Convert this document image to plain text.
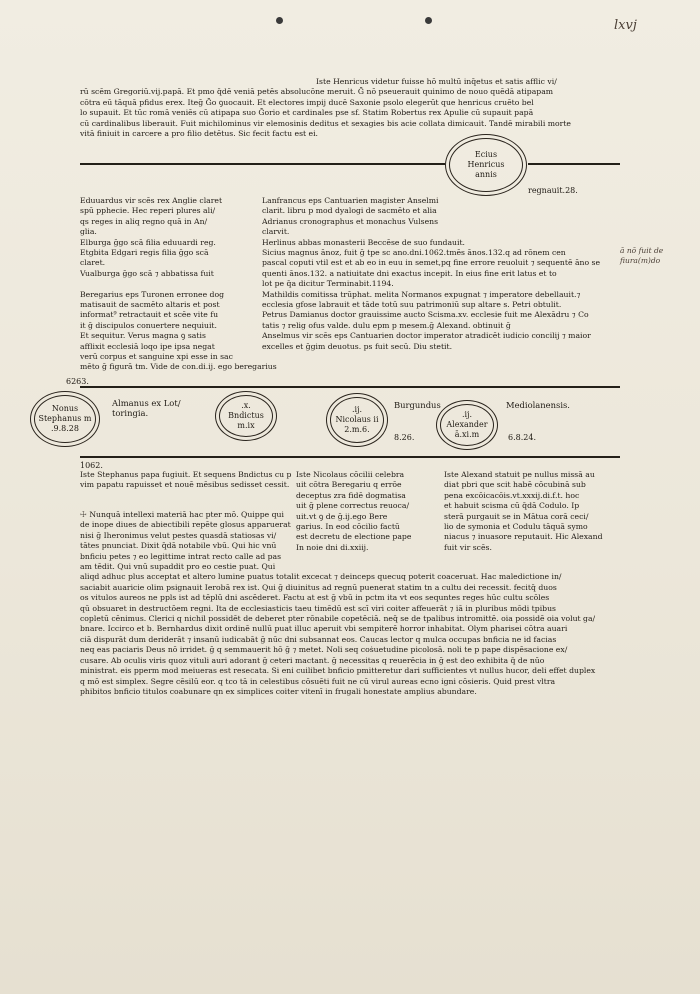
lxvj
ā nō fuit de
fiura(m)do
Iste Henricus videtur fuisse hō multū inq̄etus et satis afflic vi/
rū scēm Gregoriū.vij.papā. Et pmo q̄dē veniā petēs absolucōne meruit. Ḡ nō pseuerauit quinimo de nouo quēdā atipapam
cōtra eū tāquā pfidus erex. Iteḡ Ḡo ꝯuocauit. Et electores impij ducē Saxonie psolo elegerūt que henricus cruēto bel
lo supauit. Et tūc romā veniēs cū atipapa suo Ḡorio et cardinales pse sf. Statim Robertus rex Apulie cū supauit papā
cū cardinalibus liberauit. Fuit michilominus vir elemosinis deditus et sexagies bis acie collata dimicauit. Tandē mirabili morte
vitā finiuit in carcere a pro filio detētus. Sic fecit factu est ei.
Ecius
Henricus
annis
regnauit.28.
Eduuardus vir scēs rex Anglie claret
spū pphecie. Hec reperi plures ali/
qs reges in aliq regno quā in An/
glia.
Elburga ḡgo scā filia eduuardi reg.
Etgbita Edgari regis filia ḡgo scā
claret.
Vualburga ḡgo scā ⁊ abbatissa fuit
Beregarius eps Turonen erronee dog
matisauit de sacmēto altaris et post
informat⁹ retractauit et scēe vite fu
it ḡ discipulos conuertere nequiuit.
Et sequitur. Verus magna ꝯ satis
afflixit ecclesiā loqo ipe ipsa negat
verū corpus et sanguine xpi esse in sac
mēto ḡ figurā tm. Vide de con.di.ij. ego beregarius
Lanfrancus eps Cantuarien magister Anselmi
clarit. libru p mod dyalogi de sacmēto et alia
Adrianus cronographus et monachus Vulsens
clarvit.
Herlinus abbas monasterii Beccēse de suo fundauit.
Sicius magnus ānoz, fuit ḡ tpe sc ano.dni.1062.tmēs ānos.132.q ad rōnem cen
pascal coputi vtil est et ab eo in euu in semet,pq fine errore reuoluit ⁊ sequentē āno se
quenti ānos.132. a natiuitate dni exactus incepit. In eius fine erit latus et to
lot pe q̄a dicitur Terminabit.1194.
Mathildis comitissa trūphat. melita Normanos expugnat ⁊ imperatore debellauit.⁊
ecclesia gfose labrauit et tāde totū suu patrimoniū sup altare s. Petri obtulit.
Petrus Damianus doctor grauissime aucto Scisma.xv. ecclesie fuit me Alexādru ⁊ Co
tatis ⁊ relig ofus valde. dulu epm p mesem.ḡ Alexand. obtinuit ḡ
Anselmus vir scēs eps Cantuarien doctor imperator atradicēt iudicio concilij ⁊ maior
excelles et ḡgim deuotus. ps fuit secū. Diu stetit.
6263.
Nonus
Stephanus m
.9.8.28
Almanus ex Lot/
toringia.
.x.
Bndictus
m.ix
.ij.
Nicolaus ii
2.m.6.
Burgundus
8.26.
.ij.
Alexander
ā.xi.m
Mediolanensis.
6.8.24.
1062.
Iste Stephanus papa fugiuit. Et sequens Bndictus cu p
vim papatu rapuisset et nouē mēsibus sedisset cessit.
Iste Nicolaus cōcilii celebra
uit cōtra Beregariu q errōe
deceptus zra fidē dogmatisa
uit ḡ plene correctus reuoca/
uit.vt ꝯ de ḡ.ij.ego Bere
garius. In eod cōcilio factū
est decretu de electione pape
In noie dni di.xxiij.
Iste Alexand statuit pe nullus missā au
diat pbri que scit habē cōcubinā sub
pena excōicacōis.vt.xxxij.di.f.t. hoc
et habuit scisma cū q̄dā Codulo. Ip
sterā purgauit se in Mātua corā ceci/
lio de symonia et Codulu tāquā symo
niacus ⁊ inuasore reputauit. Hic Alexand
fuit vir scēs.
☩ Nunquā intellexi materiā hac pter mō. Quippe qui
de inope diues de abiectibili repēte glosus apparuerat
nisi ḡ Iheronimus velut pestes quasdā statiosas vi/
tātes pnunciat. Dixit q̄dā notabile vbū. Qui hic vnū
bnficiu petes ⁊ eo legittime intrat recto calle ad pas
am tēdit. Qui vnū supaddit pro eo cestie puat. Qui
aliqd adhuc plus acceptat et altero lumine puatus totalit excecat ⁊ deinceps quecuq poterit coaceruat. Hac maledictione in/
saciabit auaricie olim psignauit Ierobā rex ist. Qui ḡ diuinitus ad regnū puenerat statim tn a cultu dei recessit. fecitq̄ duos
os vitulos aureos ne ppls ist ad tēplū dni ascēderet. Factu at est ḡ vbū in pctm ita vt eos sequntes reges hūc cultu scōles
qū obsuaret in destructōem regni. Ita de ecclesiasticis taeu timēdū est scī viri coiter affeuerāt ⁊ iā in pluribus mōdi tpibus
copletū cēnimus. Clerici q nichil possidēt de deberet pter rōnabile copetēciā. neq̄ se de tpalibus intromittē. oia possidē oia volut ga/
bnare. Iccirco et b. Bernhardus dixit ordinē nullū puat illuc aperuit vbi sempiterē horror inhabitat. Olym pharisei cōtra auari
ciā dispurāt dum deriderāt ⁊ insanū iudicabāt ḡ nūc dni subsannat eos. Caucas lector q mulca occupas bnficia ne id facias
neq eas paciaris Deus nō irridet. ḡ q semmauerit hō ḡ ⁊ metet. Noli seq coṡuetudine picolosā. noli te p pape dispēsacione ex/
cusare. Ab oculis viris quoz vituli auri adorant ḡ ceteri mactant. ḡ necessitas q reuerēcia in ḡ est deo exhibita q̄ de nūo
ministrat. eis pperm mod meiueras est resecata. Si eni cuilibet bnficio pmitteretur dari sufficientes vt nullus hucor, deli effet duplex
q mō est simplex. Segre cēsilū eor. q tco tā in celestibus cōsuēti fuit ne cū virul aureas ecno igni cōsieris. Quid prest vltra
phibitos bnficio titulos coabunare qn ex simplices coiter vitenī in frugali honestate amplius abundare.
